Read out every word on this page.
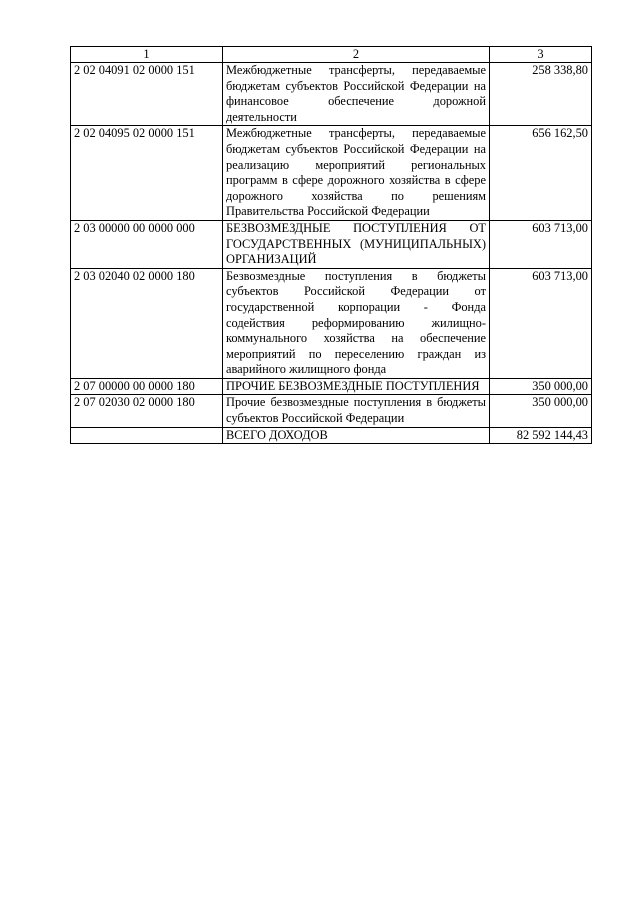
1	2	3
2 02 04091 02 0000 151	Межбюджетные трансферты, передаваемые бюджетам субъектов Российской Федерации на финансовое обеспечение дорожной деятельности	258 338,80
2 02 04095 02 0000 151	Межбюджетные трансферты, передаваемые бюджетам субъектов Российской Федерации на реализацию мероприятий региональных программ в сфере дорожного хозяйства в сфере дорожного хозяйства по решениям Правительства Российской Федерации	656 162,50
2 03 00000 00 0000 000	БЕЗВОЗМЕЗДНЫЕ ПОСТУПЛЕНИЯ ОТ ГОСУДАРСТВЕННЫХ (МУНИЦИПАЛЬНЫХ) ОРГАНИЗАЦИЙ	603 713,00
2 03 02040 02 0000 180	Безвозмездные поступления в бюджеты субъектов Российской Федерации от государственной корпорации - Фонда содействия реформированию жилищно-коммунального хозяйства на обеспечение мероприятий по переселению граждан из аварийного жилищного фонда	603 713,00
2 07 00000 00 0000 180	ПРОЧИЕ БЕЗВОЗМЕЗДНЫЕ ПОСТУПЛЕНИЯ	350 000,00
2 07 02030 02 0000 180	Прочие безвозмездные поступления в бюджеты субъектов Российской Федерации	350 000,00
	ВСЕГО ДОХОДОВ	82 592 144,43
